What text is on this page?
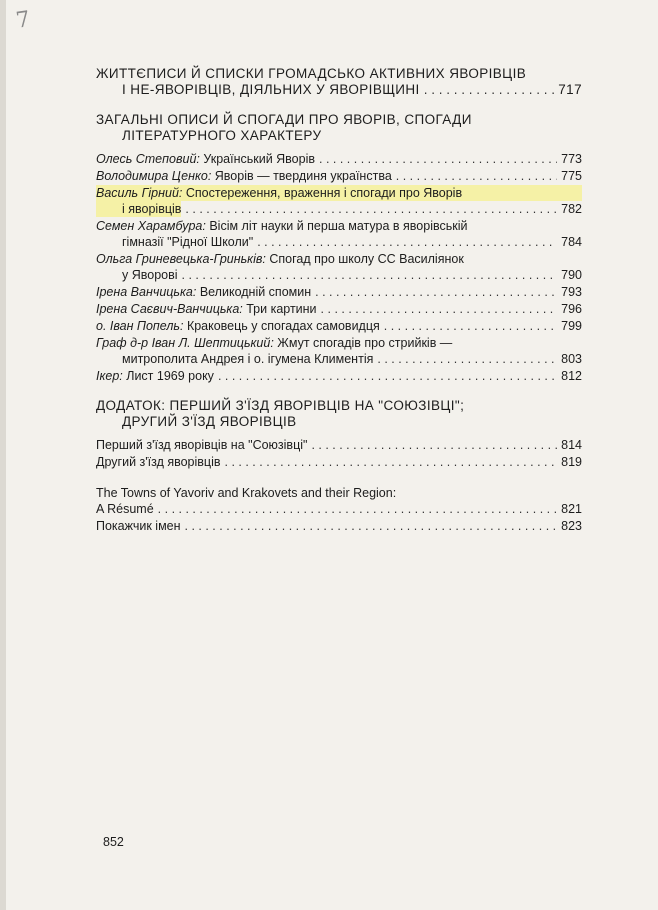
7
ЖИТТЄПИСИ Й СПИСКИ ГРОМАДСЬКО АКТИВНИХ ЯВОРІВЦІВ
І НЕ-ЯВОРІВЦІВ, ДІЯЛЬНИХ У ЯВОРІВЩИНІ . . .	717
ЗАГАЛЬНІ ОПИСИ Й СПОГАДИ ПРО ЯВОРІВ, СПОГАДИ
ЛІТЕРАТУРНОГО ХАРАКТЕРУ
Олесь Степовий: Український Яворів . . .	773
Володимира Ценко: Яворів — твердиня українства . . .	775
Василь Гірний: Спостереження, враження і спогади про Яворів
і яворівців . . .	782
Семен Харамбура: Вісім літ науки й перша матура в яворівській
гімназії "Рідної Школи" . . .	784
Ольга Гриневецька-Гриньків: Спогад про школу СС Василіянок
у Яворові . . .	790
Ірена Ванчицька: Великодній спомин . . .	793
Ірена Саєвич-Ванчицька: Три картини . . .	796
о. Іван Попель: Краковець у спогадах самовидця . . .	799
Граф д-р Іван Л. Шептицький: Жмут спогадів про стрийків —
митрополита Андрея і о. ігумена Климентія . . .	803
Ікер: Лист 1969 року . . .	812
ДОДАТОК: ПЕРШИЙ З'ЇЗД ЯВОРІВЦІВ НА "СОЮЗІВЦІ";
ДРУГИЙ З'ЇЗД ЯВОРІВЦІВ
Перший з'їзд яворівців на "Союзівці" . . .	814
Другий з'їзд яворівців . . .	819
The Towns of Yavoriv and Krakovets and their Region:
A Résumé . . .	821
Покажчик імен . . .	823
852
